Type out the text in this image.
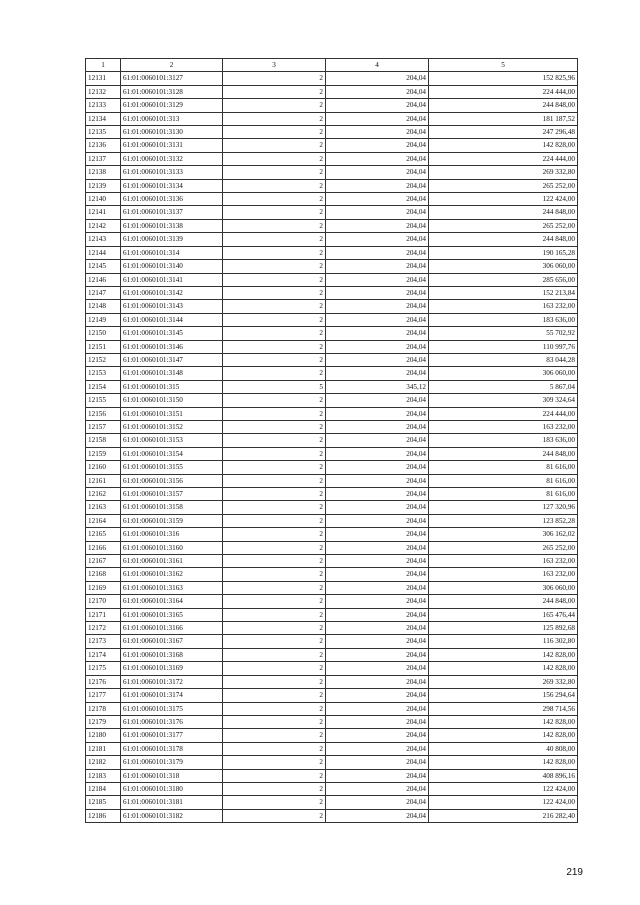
1	2	3	4	5
12131	61:01:0060101:3127	2	204,04	152 825,96
12132	61:01:0060101:3128	2	204,04	224 444,00
12133	61:01:0060101:3129	2	204,04	244 848,00
12134	61:01:0060101:313	2	204,04	181 187,52
12135	61:01:0060101:3130	2	204,04	247 296,48
12136	61:01:0060101:3131	2	204,04	142 828,00
12137	61:01:0060101:3132	2	204,04	224 444,00
12138	61:01:0060101:3133	2	204,04	269 332,80
12139	61:01:0060101:3134	2	204,04	265 252,00
12140	61:01:0060101:3136	2	204,04	122 424,00
12141	61:01:0060101:3137	2	204,04	244 848,00
12142	61:01:0060101:3138	2	204,04	265 252,00
12143	61:01:0060101:3139	2	204,04	244 848,00
12144	61:01:0060101:314	2	204,04	190 165,28
12145	61:01:0060101:3140	2	204,04	306 060,00
12146	61:01:0060101:3141	2	204,04	285 656,00
12147	61:01:0060101:3142	2	204,04	152 213,84
12148	61:01:0060101:3143	2	204,04	163 232,00
12149	61:01:0060101:3144	2	204,04	183 636,00
12150	61:01:0060101:3145	2	204,04	55 702,92
12151	61:01:0060101:3146	2	204,04	110 997,76
12152	61:01:0060101:3147	2	204,04	83 044,28
12153	61:01:0060101:3148	2	204,04	306 060,00
12154	61:01:0060101:315	5	345,12	5 867,04
12155	61:01:0060101:3150	2	204,04	309 324,64
12156	61:01:0060101:3151	2	204,04	224 444,00
12157	61:01:0060101:3152	2	204,04	163 232,00
12158	61:01:0060101:3153	2	204,04	183 636,00
12159	61:01:0060101:3154	2	204,04	244 848,00
12160	61:01:0060101:3155	2	204,04	81 616,00
12161	61:01:0060101:3156	2	204,04	81 616,00
12162	61:01:0060101:3157	2	204,04	81 616,00
12163	61:01:0060101:3158	2	204,04	127 320,96
12164	61:01:0060101:3159	2	204,04	123 852,28
12165	61:01:0060101:316	2	204,04	306 162,02
12166	61:01:0060101:3160	2	204,04	265 252,00
12167	61:01:0060101:3161	2	204,04	163 232,00
12168	61:01:0060101:3162	2	204,04	163 232,00
12169	61:01:0060101:3163	2	204,04	306 060,00
12170	61:01:0060101:3164	2	204,04	244 848,00
12171	61:01:0060101:3165	2	204,04	165 476,44
12172	61:01:0060101:3166	2	204,04	125 892,68
12173	61:01:0060101:3167	2	204,04	116 302,80
12174	61:01:0060101:3168	2	204,04	142 828,00
12175	61:01:0060101:3169	2	204,04	142 828,00
12176	61:01:0060101:3172	2	204,04	269 332,80
12177	61:01:0060101:3174	2	204,04	156 294,64
12178	61:01:0060101:3175	2	204,04	298 714,56
12179	61:01:0060101:3176	2	204,04	142 828,00
12180	61:01:0060101:3177	2	204,04	142 828,00
12181	61:01:0060101:3178	2	204,04	40 808,00
12182	61:01:0060101:3179	2	204,04	142 828,00
12183	61:01:0060101:318	2	204,04	408 896,16
12184	61:01:0060101:3180	2	204,04	122 424,00
12185	61:01:0060101:3181	2	204,04	122 424,00
12186	61:01:0060101:3182	2	204,04	216 282,40
219
